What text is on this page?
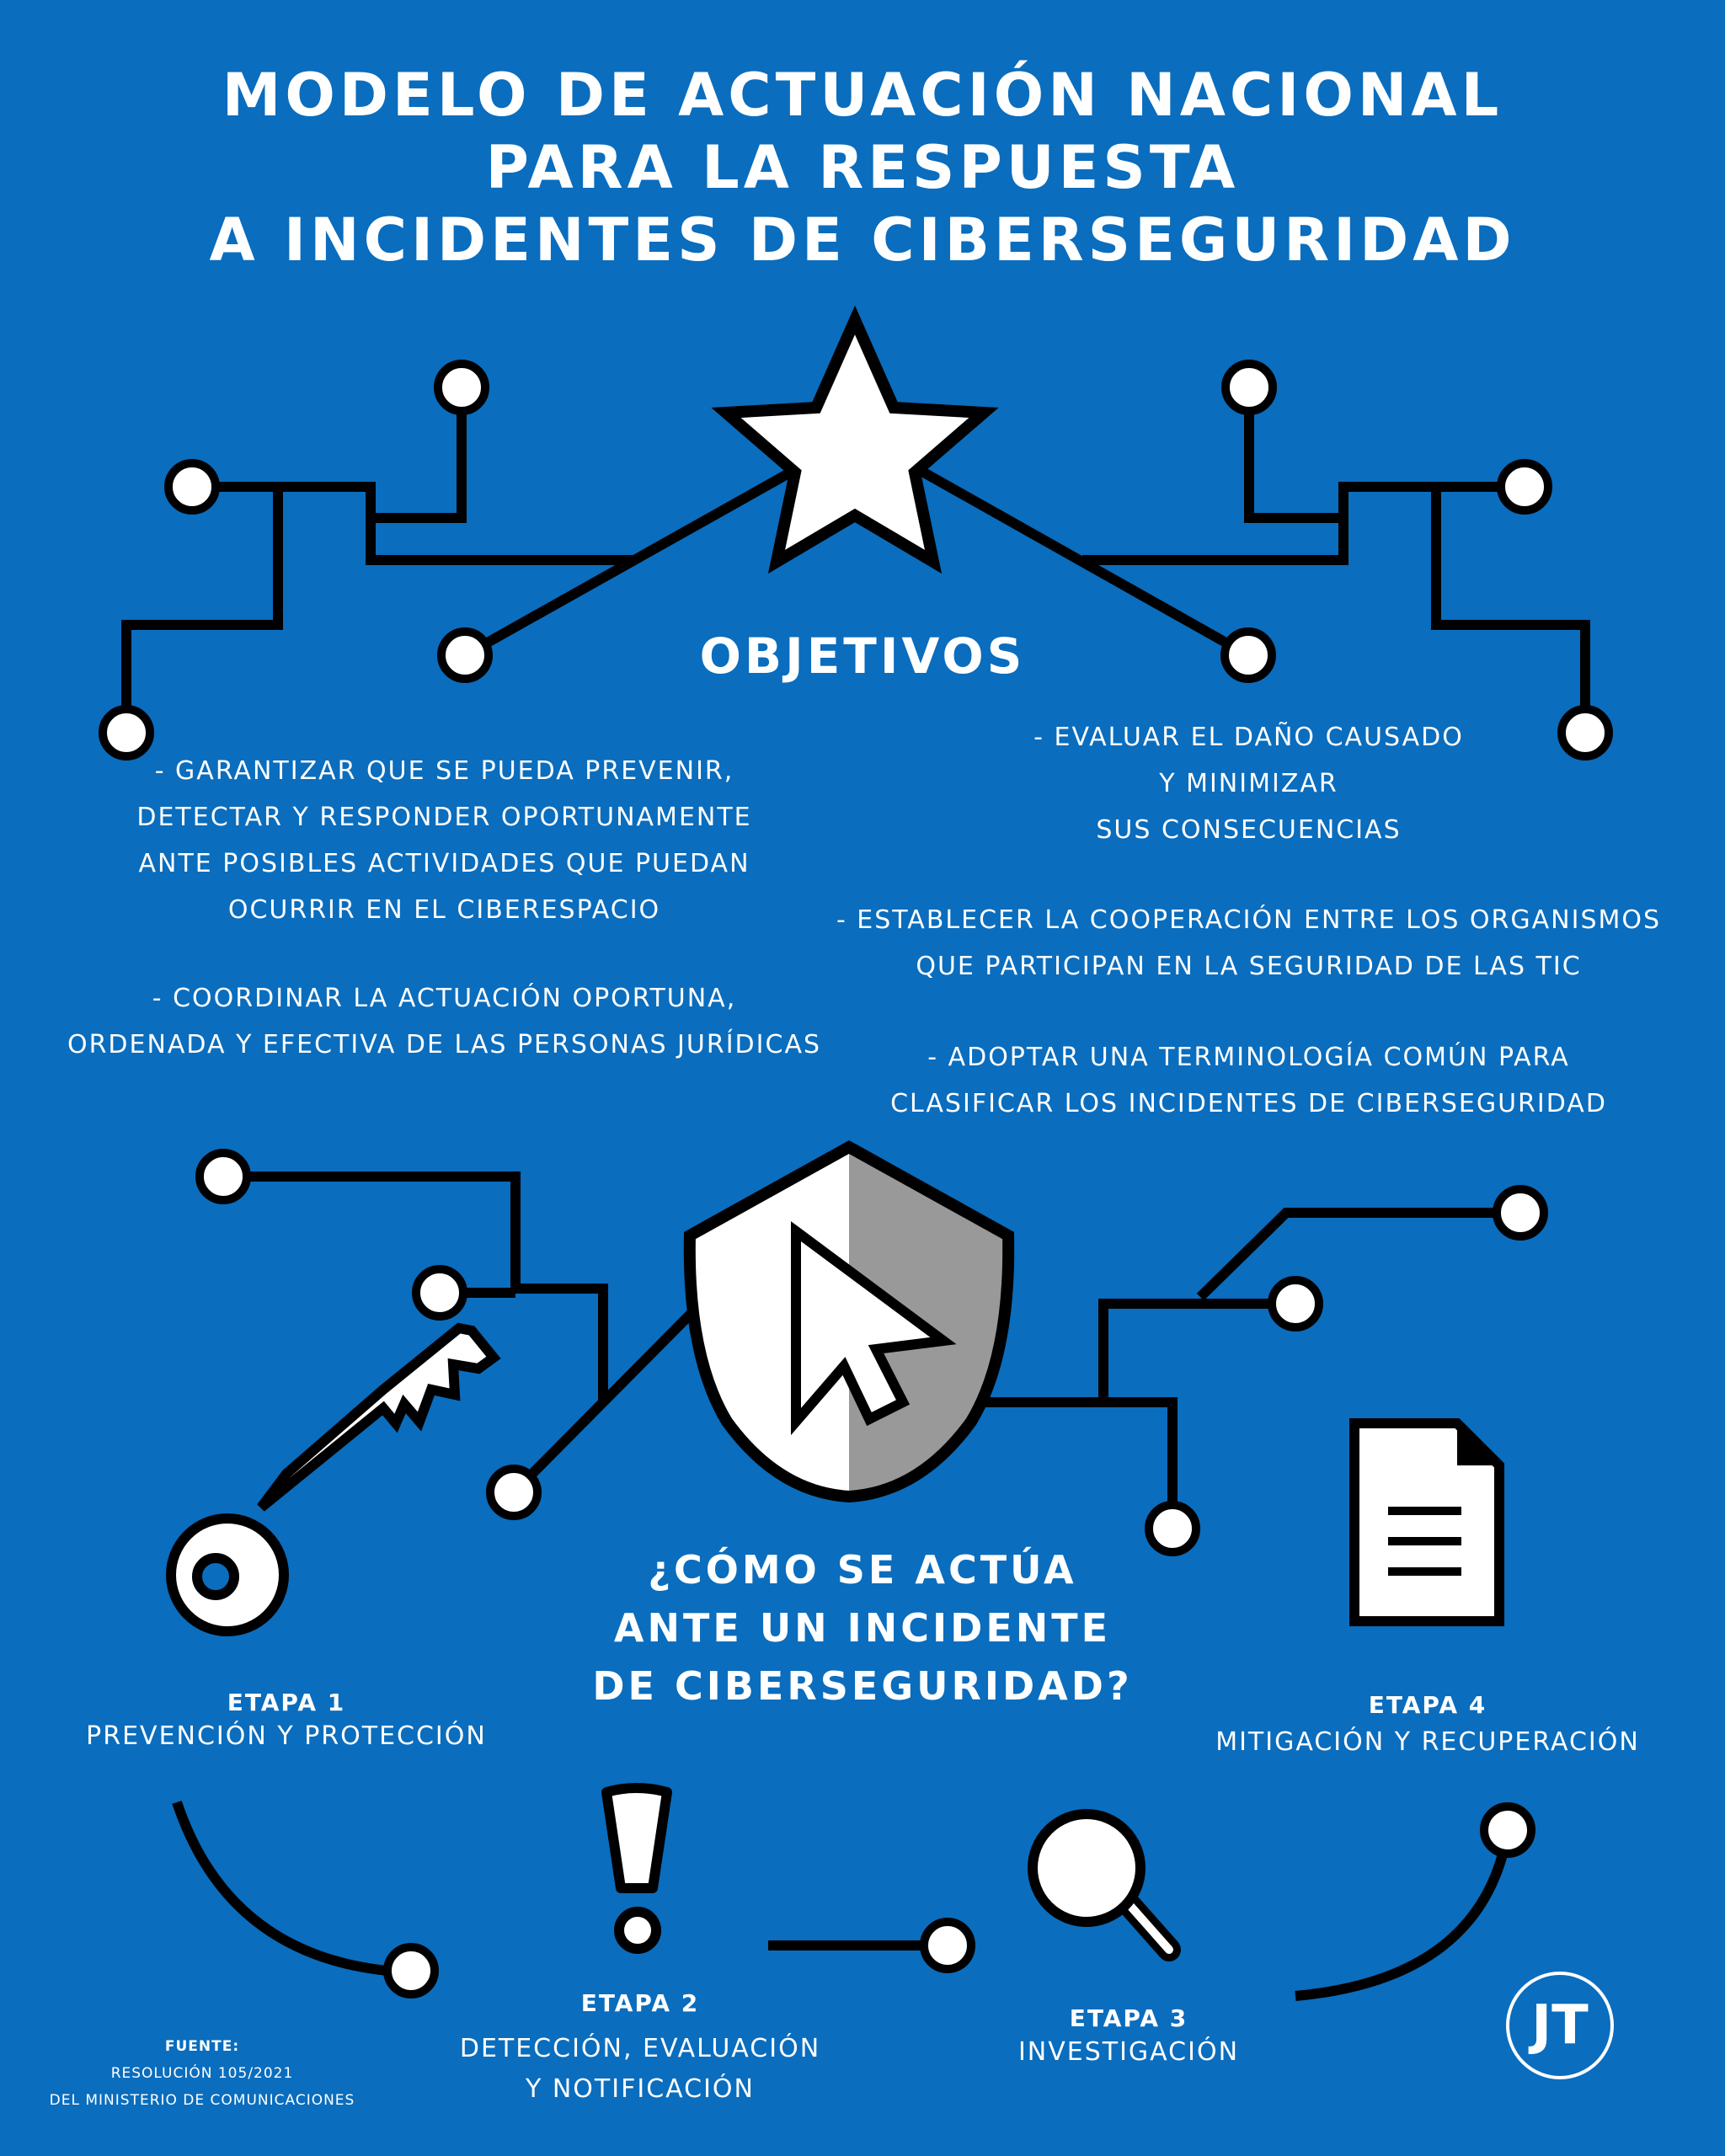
MODELO DE ACTUACIÓN NACIONAL
PARA LA RESPUESTA
A INCIDENTES DE CIBERSEGURIDAD
OBJETIVOS
- GARANTIZAR QUE SE PUEDA PREVENIR,
DETECTAR Y RESPONDER OPORTUNAMENTE
ANTE POSIBLES ACTIVIDADES QUE PUEDAN
OCURRIR EN EL CIBERESPACIO
- COORDINAR LA ACTUACIÓN OPORTUNA,
ORDENADA Y EFECTIVA DE LAS PERSONAS JURÍDICAS
- EVALUAR EL DAÑO CAUSADO
Y MINIMIZAR
SUS CONSECUENCIAS
- ESTABLECER LA COOPERACIÓN ENTRE LOS ORGANISMOS
QUE PARTICIPAN EN LA SEGURIDAD DE LAS TIC
- ADOPTAR UNA TERMINOLOGÍA COMÚN PARA
CLASIFICAR LOS INCIDENTES DE CIBERSEGURIDAD
¿CÓMO SE ACTÚA
ANTE UN INCIDENTE
DE CIBERSEGURIDAD?
ETAPA 1
PREVENCIÓN Y PROTECCIÓN
ETAPA 2
DETECCIÓN, EVALUACIÓN
Y NOTIFICACIÓN
ETAPA 3
INVESTIGACIÓN
ETAPA 4
MITIGACIÓN Y RECUPERACIÓN
FUENTE:
RESOLUCIÓN 105/2021
DEL MINISTERIO DE COMUNICACIONES
JT
